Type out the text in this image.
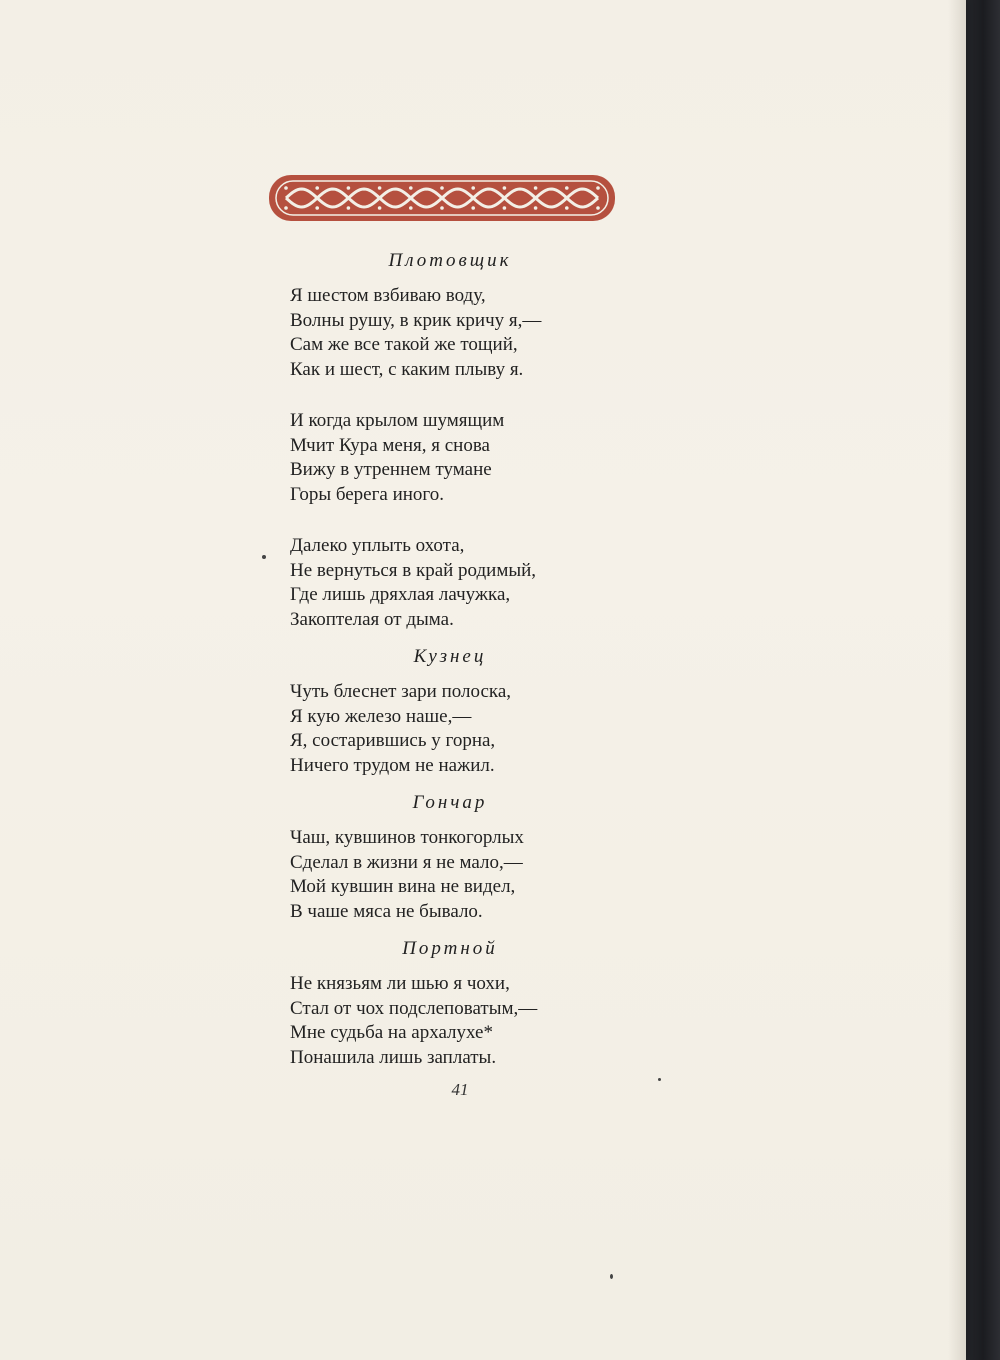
Плотовщик
Я шестом взбиваю воду,
Волны рушу, в крик кричу я,—
Сам же все такой же тощий,
Как и шест, с каким плыву я.
И когда крылом шумящим
Мчит Кура меня, я снова
Вижу в утреннем тумане
Горы берега иного.
Далеко уплыть охота,
Не вернуться в край родимый,
Где лишь дряхлая лачужка,
Закоптелая от дыма.
Кузнец
Чуть блеснет зари полоска,
Я кую железо наше,—
Я, состарившись у горна,
Ничего трудом не нажил.
Гончар
Чаш, кувшинов тонкогорлых
Сделал в жизни я не мало,—
Мой кувшин вина не видел,
В чаше мяса не бывало.
Портной
Не князьям ли шью я чохи,
Стал от чох подслеповатым,—
Мне судьба на архалухе*
Понашила лишь заплаты.
41
